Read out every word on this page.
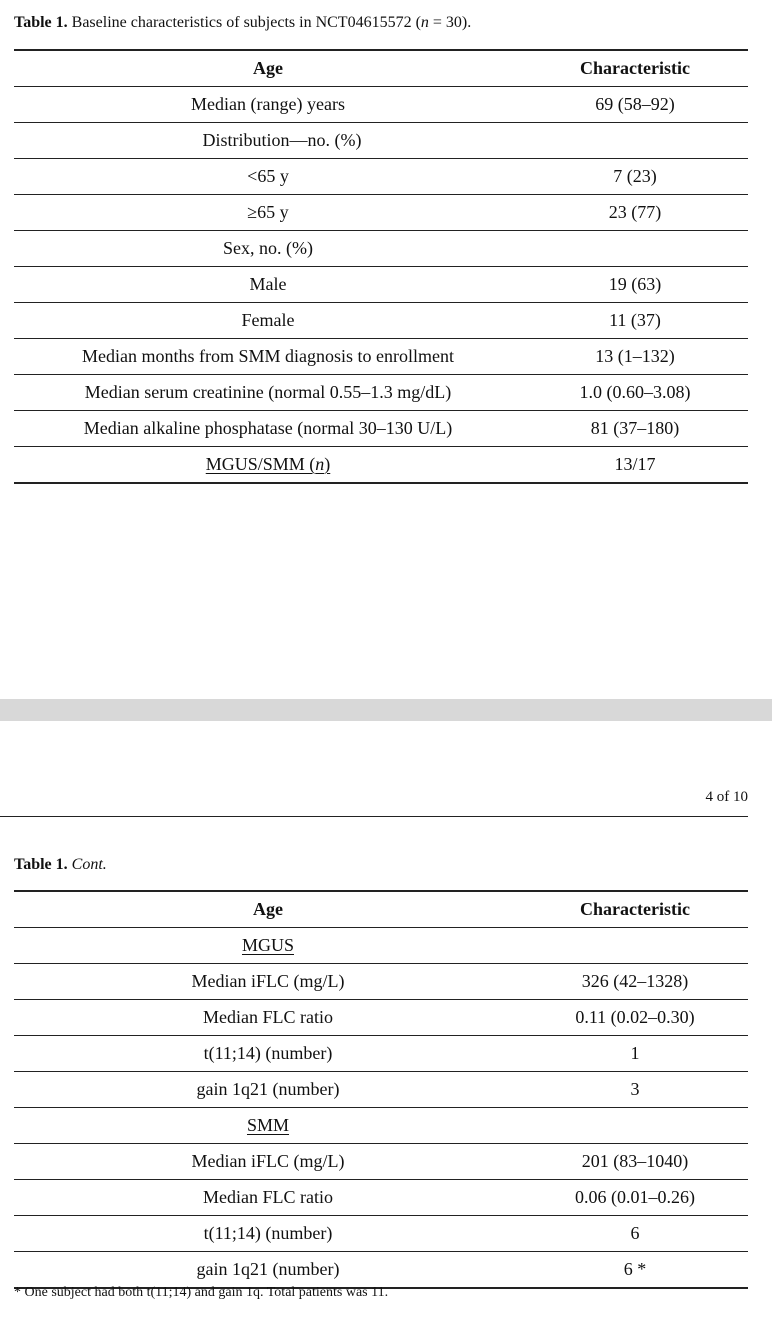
Table 1. Baseline characteristics of subjects in NCT04615572 (n = 30).
Age	Characteristic
Median (range) years	69 (58–92)
Distribution—no. (%)
<65 y	7 (23)
≥65 y	23 (77)
Sex, no. (%)
Male	19 (63)
Female	11 (37)
Median months from SMM diagnosis to enrollment	13 (1–132)
Median serum creatinine (normal 0.55–1.3 mg/dL)	1.0 (0.60–3.08)
Median alkaline phosphatase (normal 30–130 U/L)	81 (37–180)
MGUS/SMM (n)	13/17
4 of 10
Table 1. Cont.
Age	Characteristic
MGUS
Median iFLC (mg/L)	326 (42–1328)
Median FLC ratio	0.11 (0.02–0.30)
t(11;14) (number)	1
gain 1q21 (number)	3
SMM
Median iFLC (mg/L)	201 (83–1040)
Median FLC ratio	0.06 (0.01–0.26)
t(11;14) (number)	6
gain 1q21 (number)	6 *
* One subject had both t(11;14) and gain 1q. Total patients was 11.
